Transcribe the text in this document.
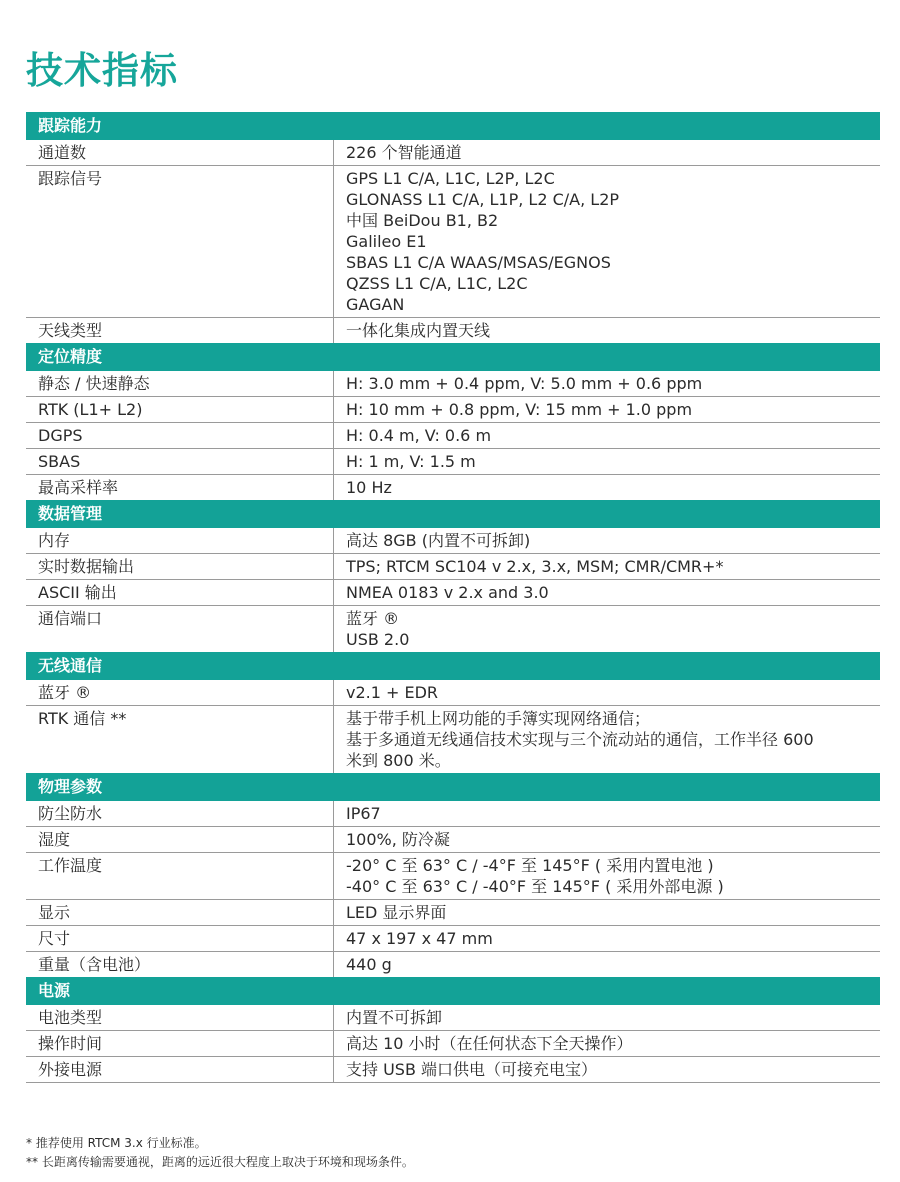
技术指标
跟踪能力
通道数	226 个智能通道
跟踪信号	GPS L1 C/A, L1C, L2P, L2C
GLONASS L1 C/A, L1P, L2 C/A, L2P
中国 BeiDou B1, B2
Galileo E1
SBAS L1 C/A WAAS/MSAS/EGNOS
QZSS L1 C/A, L1C, L2C
GAGAN
天线类型	一体化集成内置天线
定位精度
静态 / 快速静态	H: 3.0 mm + 0.4 ppm, V: 5.0 mm + 0.6 ppm
RTK (L1+ L2)	H: 10 mm + 0.8 ppm, V: 15 mm + 1.0 ppm
DGPS	H: 0.4 m, V: 0.6 m
SBAS	H: 1 m, V: 1.5 m
最高采样率	10 Hz
数据管理
内存	高达 8GB (内置不可拆卸)
实时数据输出	TPS; RTCM SC104 v 2.x, 3.x, MSM; CMR/CMR+*
ASCII 输出	NMEA 0183 v 2.x and 3.0
通信端口	蓝牙 ®
USB 2.0
无线通信
蓝牙 ®	v2.1 + EDR
RTK 通信 **	基于带手机上网功能的手簿实现网络通信；
基于多通道无线通信技术实现与三个流动站的通信，工作半径 600
米到 800 米。
物理参数
防尘防水	IP67
湿度	100%, 防冷凝
工作温度	-20° C 至 63° C / -4°F 至 145°F ( 采用内置电池 )
-40° C 至 63° C / -40°F 至 145°F ( 采用外部电源 )
显示	LED 显示界面
尺寸	47 x 197 x 47 mm
重量（含电池）	440 g
电源
电池类型	内置不可拆卸
操作时间	高达 10 小时（在任何状态下全天操作）
外接电源	支持 USB 端口供电（可接充电宝）
* 推荐使用 RTCM 3.x 行业标准。
** 长距离传输需要通视，距离的远近很大程度上取决于环境和现场条件。
